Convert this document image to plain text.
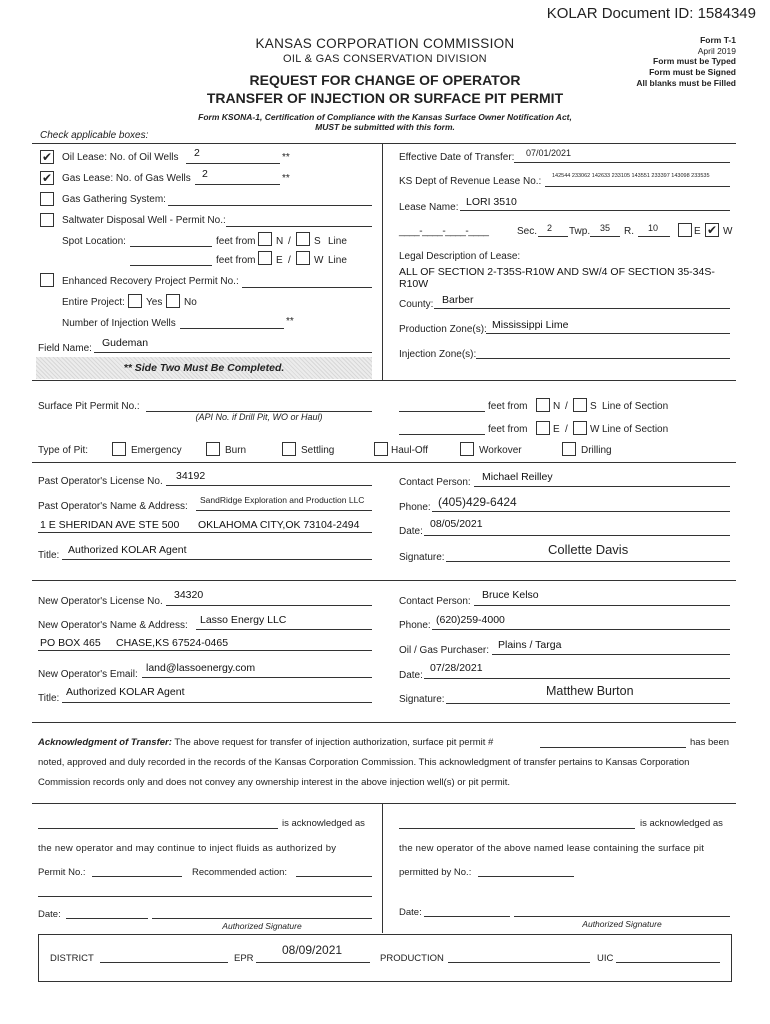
KOLAR Document ID: 1584349
KANSAS CORPORATION COMMISSION
OIL & GAS CONSERVATION DIVISION
REQUEST FOR CHANGE OF OPERATOR
TRANSFER OF INJECTION OR SURFACE PIT PERMIT
Form KSONA-1, Certification of Compliance with the Kansas Surface Owner Notification Act,
MUST be submitted with this form.
Form T-1
April 2019
Form must be Typed
Form must be Signed
All blanks must be Filled
Check applicable boxes:
✔ Oil Lease: No. of Oil Wells 2	**
✔ Gas Lease: No. of Gas Wells 2	**
Gas Gathering System:
Saltwater Disposal Well - Permit No.:
Spot Location:	feet from N / S Line
feet from E / W Line
Enhanced Recovery Project Permit No.:
Entire Project: Yes No
Number of Injection Wells	**
Field Name: Gudeman
** Side Two Must Be Completed.
Effective Date of Transfer: 07/01/2021
KS Dept of Revenue Lease No.: 142544 233062 142633 233105 143551 233397 143098 233535
Lease Name: LORI 3510
____-____-____-____	Sec. 2 Twp. 35 R. 10	E ✔ W
Legal Description of Lease:
ALL OF SECTION 2-T35S-R10W AND SW/4 OF SECTION 35-34S-
R10W
County: Barber
Production Zone(s): Mississippi Lime
Injection Zone(s):
Surface Pit Permit No.:
(API No. if Drill Pit, WO or Haul)
feet from	N / S Line of Section
feet from	E / W Line of Section
Type of Pit:	Emergency	Burn	Settling	Haul-Off	Workover	Drilling
Past Operator's License No. 34192
Past Operator's Name & Address:
SandRidge Exploration and Production LLC
1 E SHERIDAN AVE STE 500 OKLAHOMA CITY,OK 73104-2494
Title: Authorized KOLAR Agent
Contact Person: Michael Reilley
Phone: (405)429-6424
Date:
08/05/2021
Signature:
Collette Davis
New Operator's License No.
34320
New Operator's Name & Address: Lasso Energy LLC
PO BOX 465 CHASE,KS 67524-0465
New Operator's Email:
land@lassoenergy.com
Title:
Authorized KOLAR Agent
Contact Person:
Bruce Kelso
Phone: (620)259-4000
Oil / Gas Purchaser: Plains / Targa
Date:
07/28/2021
Signature:
Matthew Burton
Acknowledgment of Transfer: The above request for transfer of injection authorization, surface pit permit #	has been
noted, approved and duly recorded in the records of the Kansas Corporation Commission. This acknowledgment of transfer pertains to Kansas Corporation
Commission records only and does not convey any ownership interest in the above injection well(s) or pit permit.
is acknowledged as
the new operator and may continue to inject fluids as authorized by
Permit No.:	Recommended action:
is acknowledged as
the new operator of the above named lease containing the surface pit
permitted by No.:
Date:
Authorized Signature
Date:
Authorized Signature
DISTRICT	EPR
08/09/2021
PRODUCTION	UIC
